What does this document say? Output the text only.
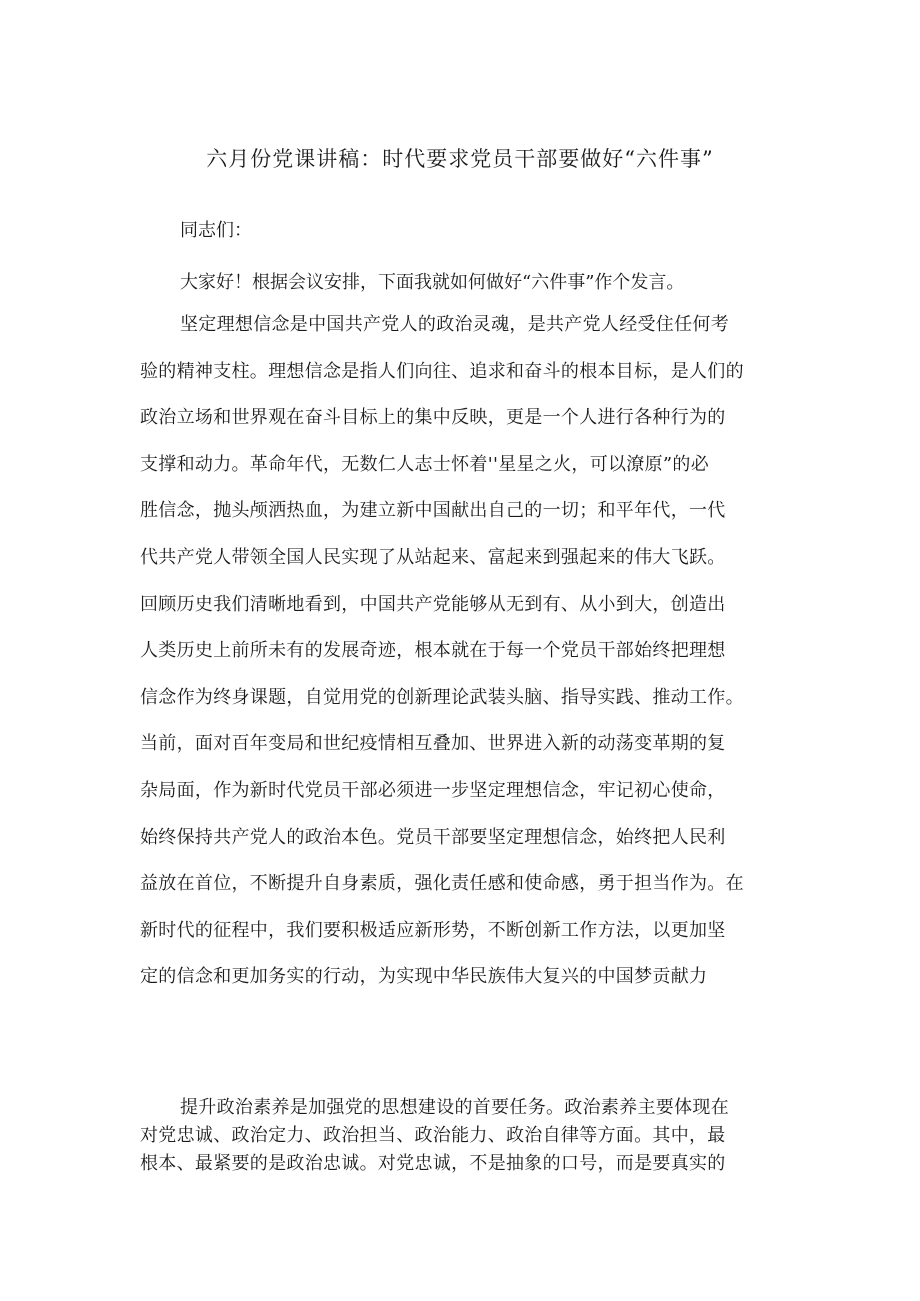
六月份党课讲稿：时代要求党员干部要做好“六件事”
同志们：
大家好！根据会议安排，下面我就如何做好“六件事”作个发言。
坚定理想信念是中国共产党人的政治灵魂，是共产党人经受住任何考
验的精神支柱。理想信念是指人们向往、追求和奋斗的根本目标，是人们的
政治立场和世界观在奋斗目标上的集中反映，更是一个人进行各种行为的
支撑和动力。革命年代，无数仁人志士怀着''星星之火，可以潦原”的必
胜信念，抛头颅洒热血，为建立新中国献出自己的一切；和平年代，一代
代共产党人带领全国人民实现了从站起来、富起来到强起来的伟大飞跃。
回顾历史我们清晰地看到，中国共产党能够从无到有、从小到大，创造出
人类历史上前所未有的发展奇迹，根本就在于每一个党员干部始终把理想
信念作为终身课题，自觉用党的创新理论武装头脑、指导实践、推动工作。
当前，面对百年变局和世纪疫情相互叠加、世界进入新的动荡变革期的复
杂局面，作为新时代党员干部必须进一步坚定理想信念，牢记初心使命，
始终保持共产党人的政治本色。党员干部要坚定理想信念，始终把人民利
益放在首位，不断提升自身素质，强化责任感和使命感，勇于担当作为。在
新时代的征程中，我们要积极适应新形势，不断创新工作方法，以更加坚
定的信念和更加务实的行动，为实现中华民族伟大复兴的中国梦贡献力
提升政治素养是加强党的思想建设的首要任务。政治素养主要体现在
对党忠诚、政治定力、政治担当、政治能力、政治自律等方面。其中，最
根本、最紧要的是政治忠诚。对党忠诚，不是抽象的口号，而是要真实的
